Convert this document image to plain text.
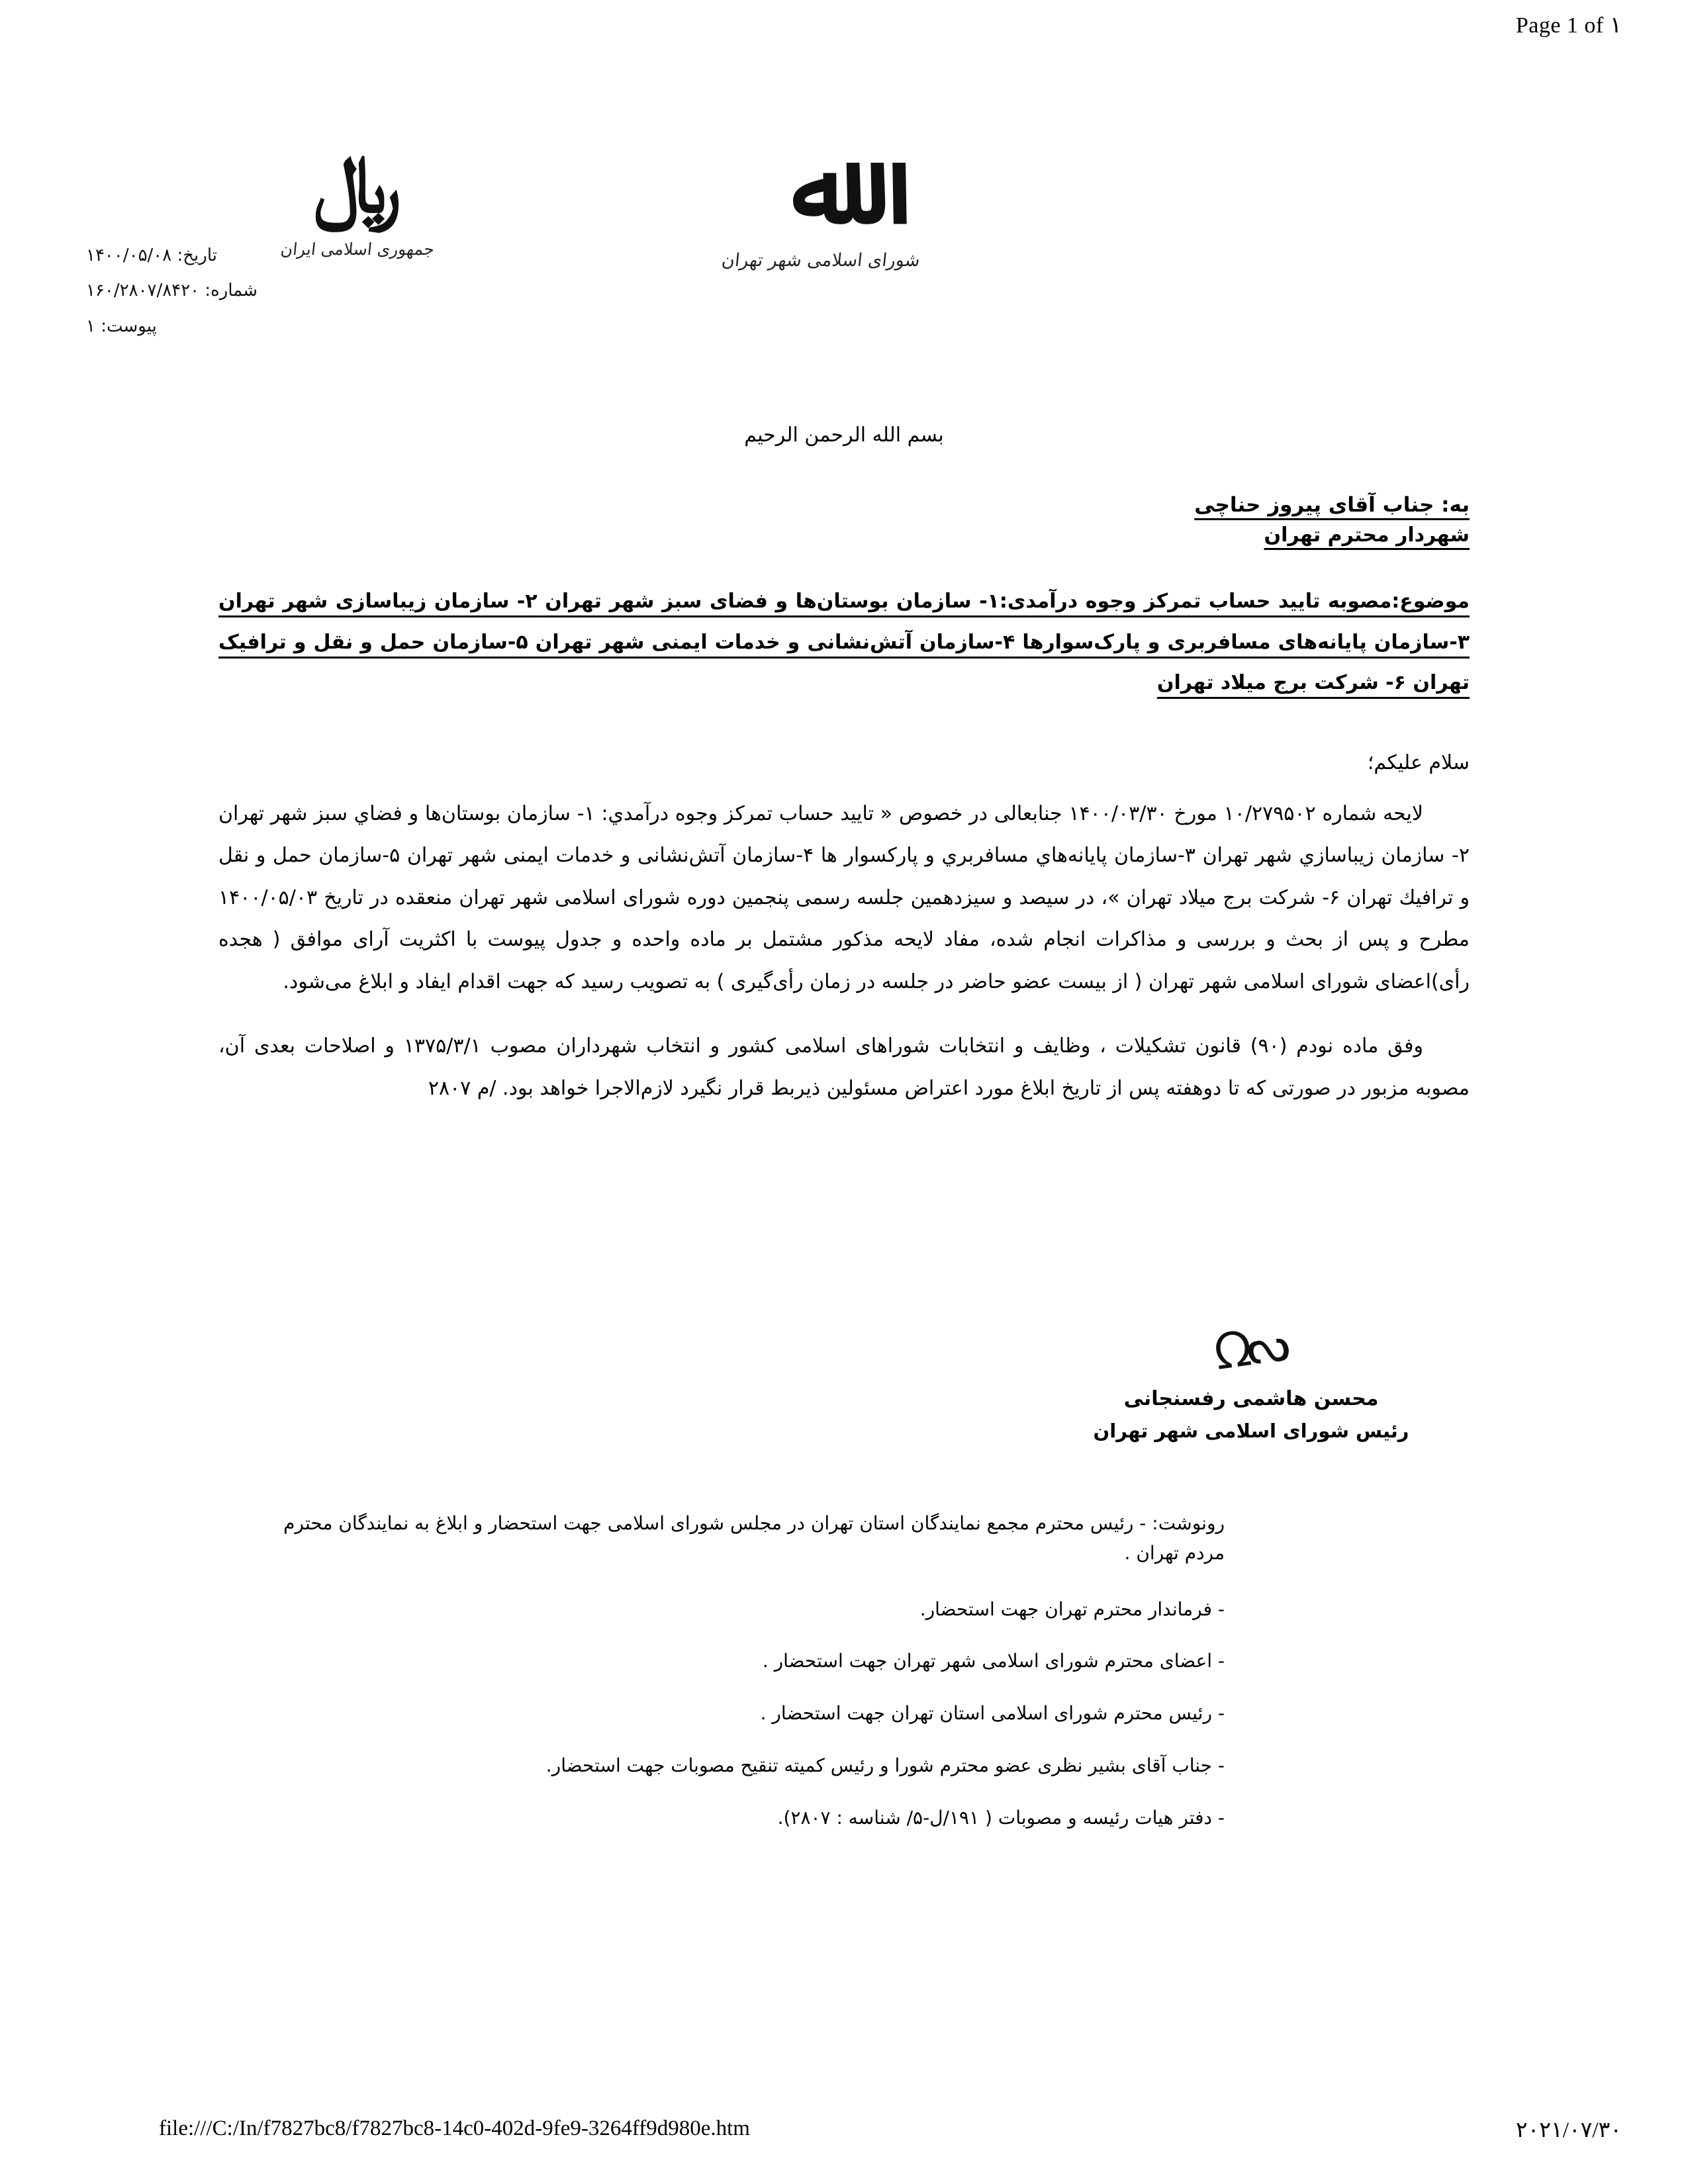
Page 1 of ۱
﷼
جمهوری اسلامی ایران
ﷲ
شورای اسلامی شهر تهران
تاریخ: ۱۴۰۰/۰۵/۰۸
شماره: ۱۶۰/۲۸۰۷/۸۴۲۰
پیوست: ۱

بسم الله الرحمن الرحیم

به: جناب آقای پیروز حناچی

شهردار محترم تهران

موضوع:مصوبه تایید حساب تمرکز وجوه درآمدی:۱- سازمان بوستان‌ها و فضای سبز شهر تهران ۲- سازمان زیباسازی شهر تهران ۳-سازمان پایانه‌های مسافربری و پارک‌سوارها ۴-سازمان آتش‌نشانی و خدمات ایمنی شهر تهران ۵-سازمان حمل و نقل و ترافیک تهران ۶- شرکت برج میلاد تهران

سلام علیکم؛

لایحه شماره ۱۰/۲۷۹۵۰۲ مورخ ۱۴۰۰/۰۳/۳۰ جنابعالی در خصوص « تایید حساب تمرکز وجوه درآمدي: ۱- سازمان بوستان‌ها و فضاي سبز شهر تهران ۲- سازمان زیباسازي شهر تهران ۳-سازمان پایانه‌هاي مسافربري و پارکسوار ها ۴-سازمان آتش‌نشانی و خدمات ایمنی شهر تهران ۵-سازمان حمل و نقل و ترافیك تهران ۶- شرکت برج میلاد تهران »، در سیصد و سیزدهمین جلسه رسمی پنجمین دوره شورای اسلامی شهر تهران منعقده در تاریخ ۱۴۰۰/۰۵/۰۳ مطرح و پس از بحث و بررسی و مذاکرات انجام شده، مفاد لایحه مذکور مشتمل بر ماده واحده و جدول پیوست با اکثریت آرای موافق ( هجده رأی)اعضای شورای اسلامی شهر تهران ( از بیست عضو حاضر در جلسه در زمان رأی‌گیری ) به تصویب رسید که جهت اقدام ایفاد و ابلاغ می‌شود.

وفق ماده نودم (۹۰) قانون تشکیلات ، وظایف و انتخابات شوراهای اسلامی کشور و انتخاب شهرداران مصوب ۱۳۷۵/۳/۱ و اصلاحات بعدی آن، مصوبه مزبور در صورتی که تا دوهفته پس از تاریخ ابلاغ مورد اعتراض مسئولین ذیربط قرار نگیرد لازم‌الاجرا خواهد بود. /م ۲۸۰۷

ᘯᔓ
محسن هاشمی رفسنجانی
رئیس شورای اسلامی شهر تهران
رونوشت: - رئیس محترم مجمع نمایندگان استان تهران در مجلس شورای اسلامی جهت استحضار و ابلاغ به نمایندگان محترم مردم تهران .
- فرماندار محترم تهران جهت استحضار.
- اعضای محترم شورای اسلامی شهر تهران جهت استحضار .
- رئیس محترم شورای اسلامی استان تهران جهت استحضار .
- جناب آقای بشیر نظری عضو محترم شورا و رئیس کمیته تنقیح مصوبات جهت استحضار.
- دفتر هیات رئیسه و مصوبات ( ۱۹۱/ل-۵/ شناسه : ۲۸۰۷).
file:///C:/In/f7827bc8/f7827bc8-14c0-402d-9fe9-3264ff9d980e.htm	۲۰۲۱/۰۷/۳۰
